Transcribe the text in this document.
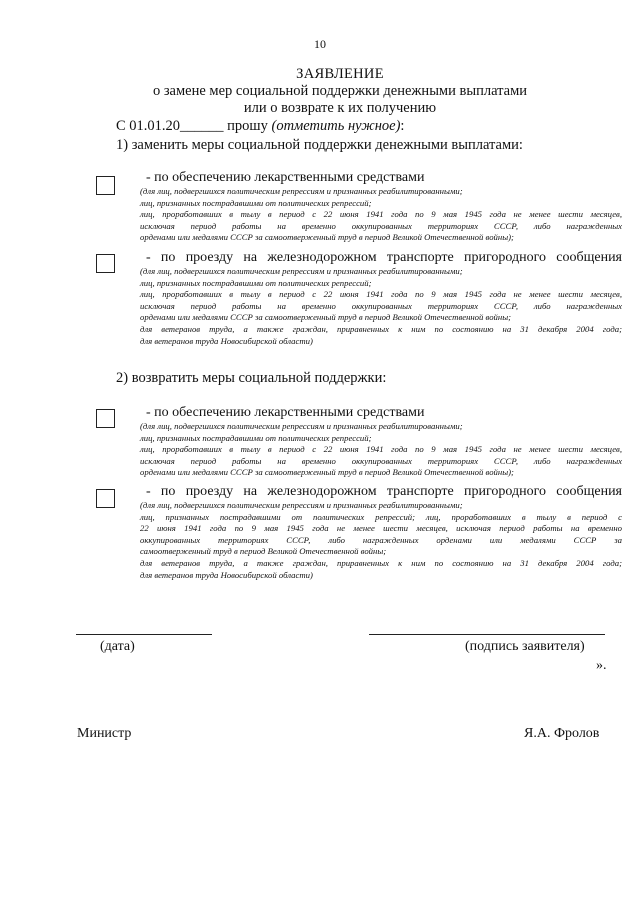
10
ЗАЯВЛЕНИЕ
о замене мер социальной поддержки денежными выплатами
или о возврате к их получению
С 01.01.20______ прошу (отметить нужное):
1) заменить меры социальной поддержки денежными выплатами:
- по обеспечению лекарственными средствами
(для лиц, подвергшихся политическим репрессиям и признанных реабилитированными;
лиц, признанных пострадавшими от политических репрессий;
лиц, проработавших в тылу в период с 22 июня 1941 года по 9 мая 1945 года не менее шести месяцев,
исключая период работы на временно оккупированных территориях СССР, либо награжденных
орденами или медалями СССР за самоотверженный труд в период Великой Отечественной войны);
- по проезду на железнодорожном транспорте пригородного сообщения
(для лиц, подвергшихся политическим репрессиям и признанных реабилитированными;
лиц, признанных пострадавшими от политических репрессий;
лиц, проработавших в тылу в период с 22 июня 1941 года по 9 мая 1945 года не менее шести месяцев,
исключая период работы на временно оккупированных территориях СССР, либо награжденных
орденами или медалями СССР за самоотверженный труд в период Великой Отечественной войны;
для ветеранов труда, а также граждан, приравненных к ним по состоянию на 31 декабря 2004 года;
для ветеранов труда Новосибирской области)
2) возвратить меры социальной поддержки:
- по обеспечению лекарственными средствами
(для лиц, подвергшихся политическим репрессиям и признанных реабилитированными;
лиц, признанных пострадавшими от политических репрессий;
лиц, проработавших в тылу в период с 22 июня 1941 года по 9 мая 1945 года не менее шести месяцев,
исключая период работы на временно оккупированных территориях СССР, либо награжденных
орденами или медалями СССР за самоотверженный труд в период Великой Отечественной войны);
- по проезду на железнодорожном транспорте пригородного сообщения
(для лиц, подвергшихся политическим репрессиям и признанных реабилитированными;
лиц, признанных пострадавшими от политических репрессий; лиц, проработавших в тылу в период с
22 июня 1941 года по 9 мая 1945 года не менее шести месяцев, исключая период работы на временно
оккупированных территориях СССР, либо награжденных орденами или медалями СССР за
самоотверженный труд в период Великой Отечественной войны;
для ветеранов труда, а также граждан, приравненных к ним по состоянию на 31 декабря 2004 года;
для ветеранов труда Новосибирской области)
(дата)	(подпись заявителя)
».
Министр	Я.А. Фролов
